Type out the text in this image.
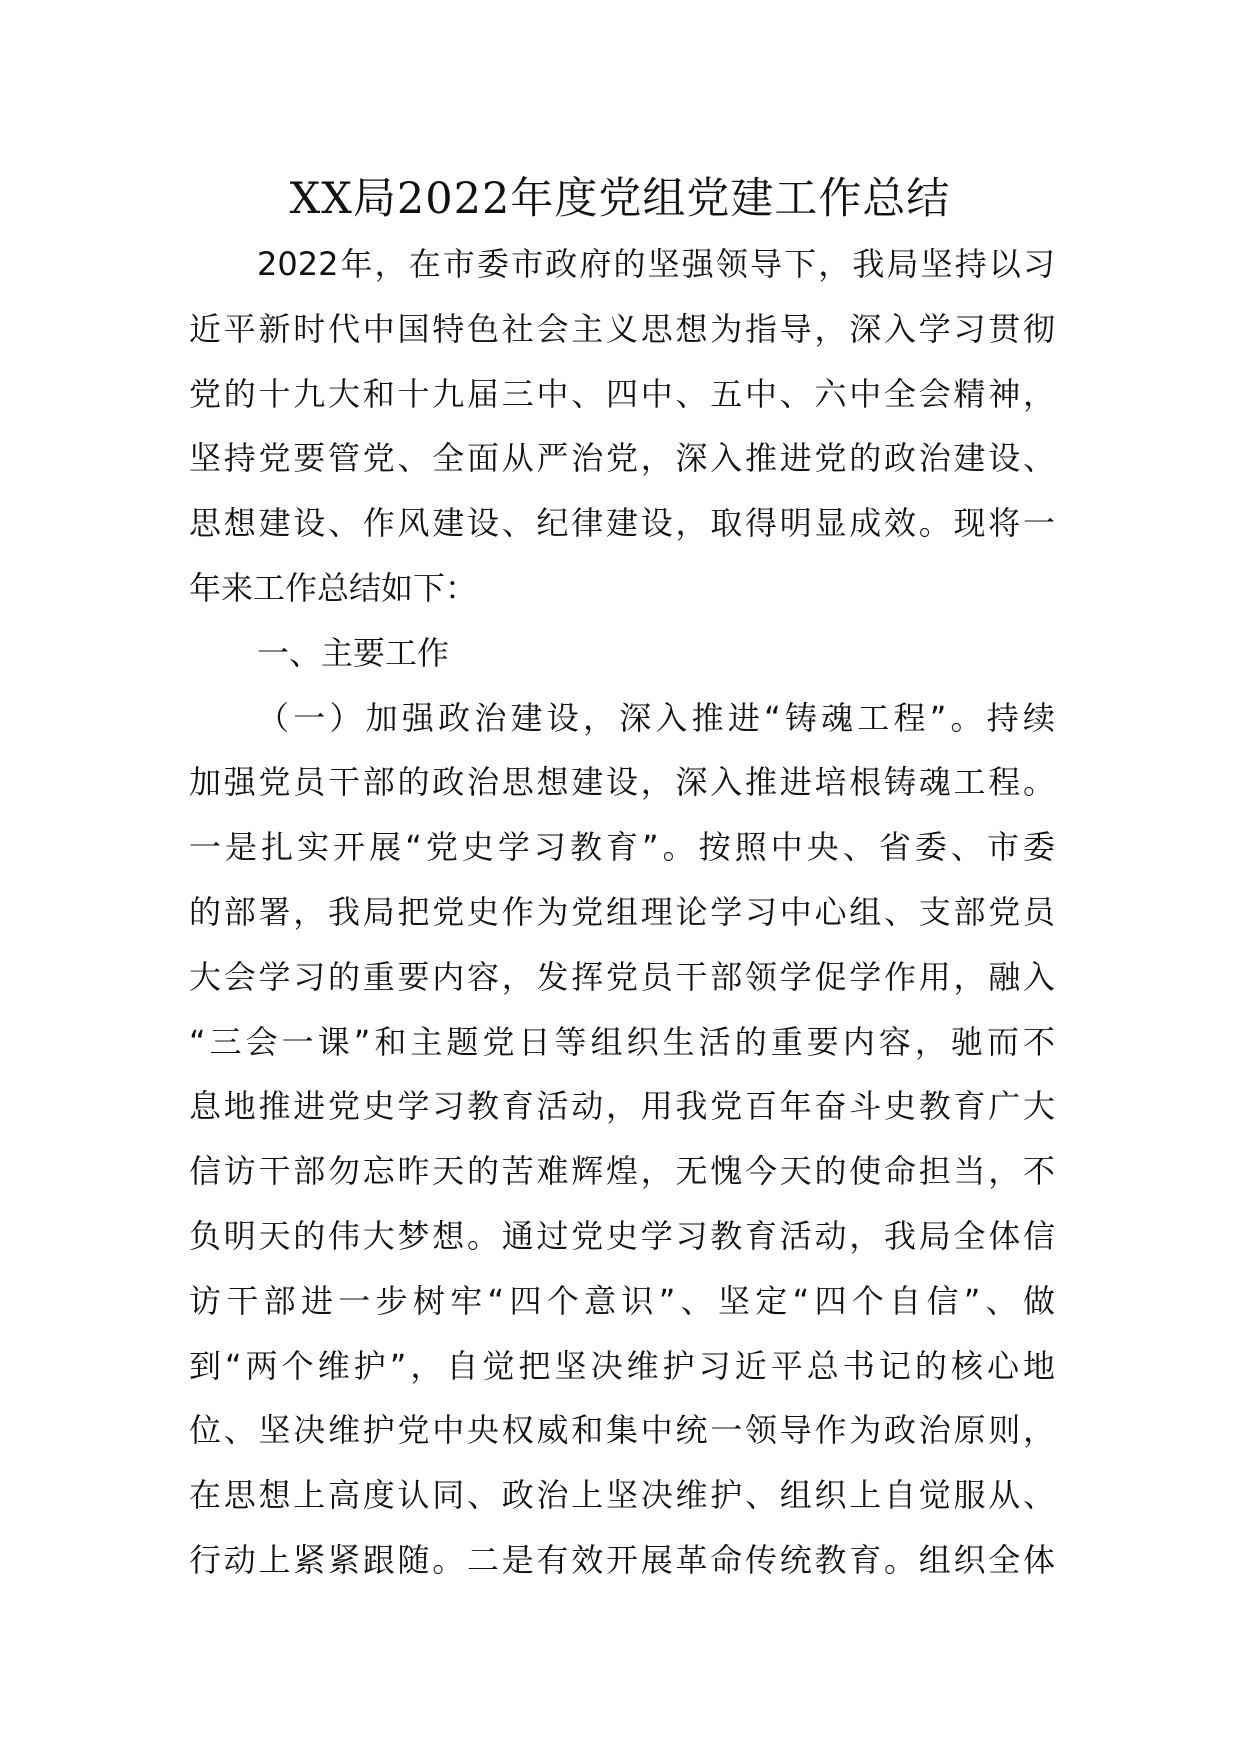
XX局2022年度党组党建工作总结
2022年，在市委市政府的坚强领导下，我局坚持以习
近平新时代中国特色社会主义思想为指导，深入学习贯彻
党的十九大和十九届三中、四中、五中、六中全会精神，
坚持党要管党、全面从严治党，深入推进党的政治建设、
思想建设、作风建设、纪律建设，取得明显成效。现将一
年来工作总结如下：
一、主要工作
（一）加强政治建设，深入推进“铸魂工程”。持续
加强党员干部的政治思想建设，深入推进培根铸魂工程。
一是扎实开展“党史学习教育”。按照中央、省委、市委
的部署，我局把党史作为党组理论学习中心组、支部党员
大会学习的重要内容，发挥党员干部领学促学作用，融入
“三会一课”和主题党日等组织生活的重要内容，驰而不
息地推进党史学习教育活动，用我党百年奋斗史教育广大
信访干部勿忘昨天的苦难辉煌，无愧今天的使命担当，不
负明天的伟大梦想。通过党史学习教育活动，我局全体信
访干部进一步树牢“四个意识”、坚定“四个自信”、做
到“两个维护”，自觉把坚决维护习近平总书记的核心地
位、坚决维护党中央权威和集中统一领导作为政治原则，
在思想上高度认同、政治上坚决维护、组织上自觉服从、
行动上紧紧跟随。二是有效开展革命传统教育。组织全体
